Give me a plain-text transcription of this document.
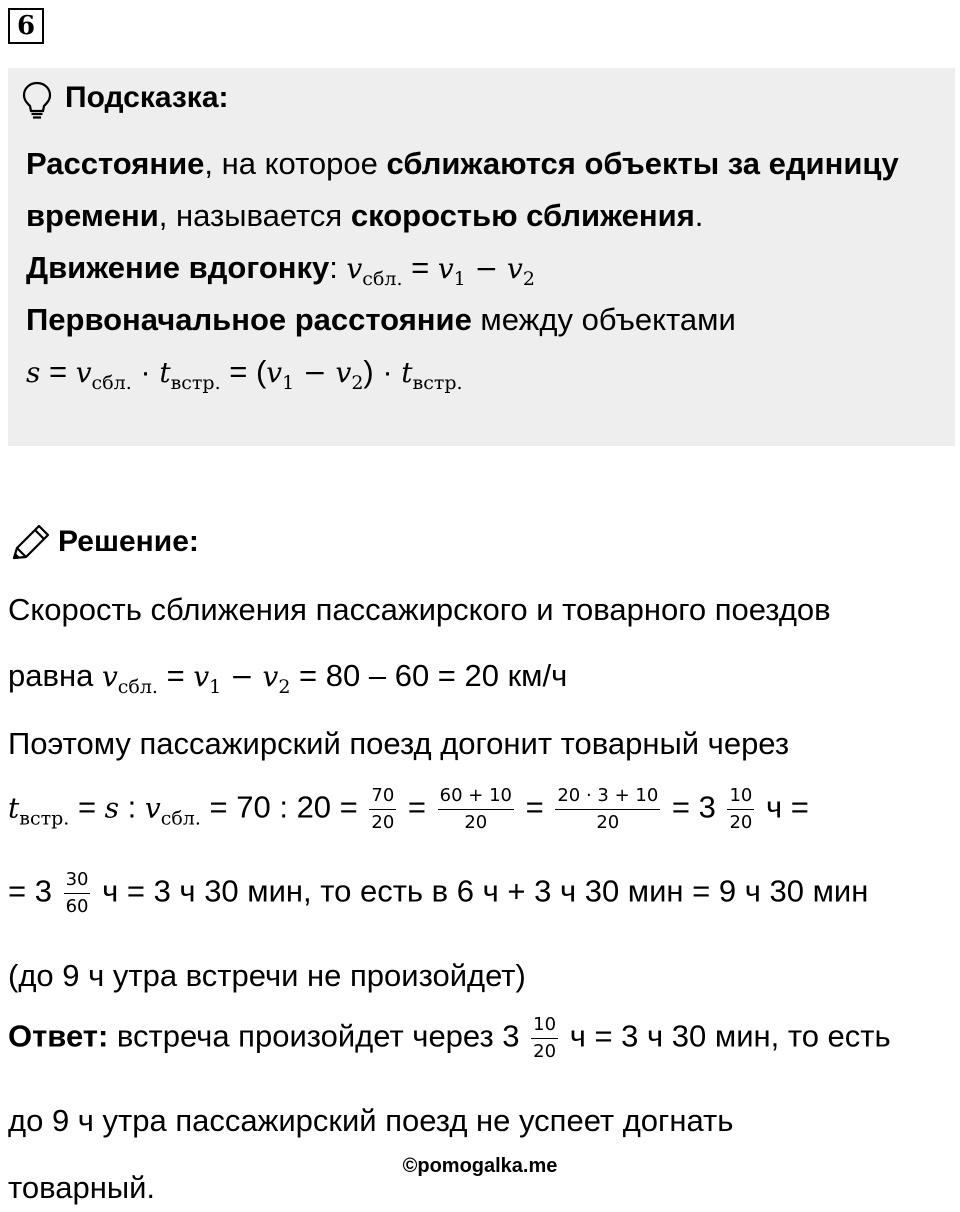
6
Подсказка:
Расстояние, на которое сближаются объекты за единицу
времени, называется скоростью сближения.
Движение вдогонку: $v_{сбл.} = v_1 - v_2$
Первоначальное расстояние между объектами
$s = v_{сбл.} \cdot t_{встр.} = (v_1 - v_2) \cdot t_{встр.}$
Решение:
Скорость сближения пассажирского и товарного поездов
равна $v_{сбл.} = v_1 - v_2 = 80 - 60 = 20$ км/ч
Поэтому пассажирский поезд догонит товарный через
$t_{встр.} = s$ : $v_{сбл.} = 70$ : $20 = \frac{70}{20} = \frac{60 + 10}{20} = \frac{20 \cdot 3 + 10}{20} = 3 \frac{10}{20}$ ч =
= $3 \frac{30}{60}$ ч = 3 ч 30 мин, то есть в 6 ч + 3 ч 30 мин = 9 ч 30 мин
(до 9 ч утра встречи не произойдет)
Ответ: встреча произойдет через $3 \frac{10}{20}$ ч = 3 ч 30 мин, то есть
до 9 ч утра пассажирский поезд не успеет догнать
©pomogalka.me
товарный.
